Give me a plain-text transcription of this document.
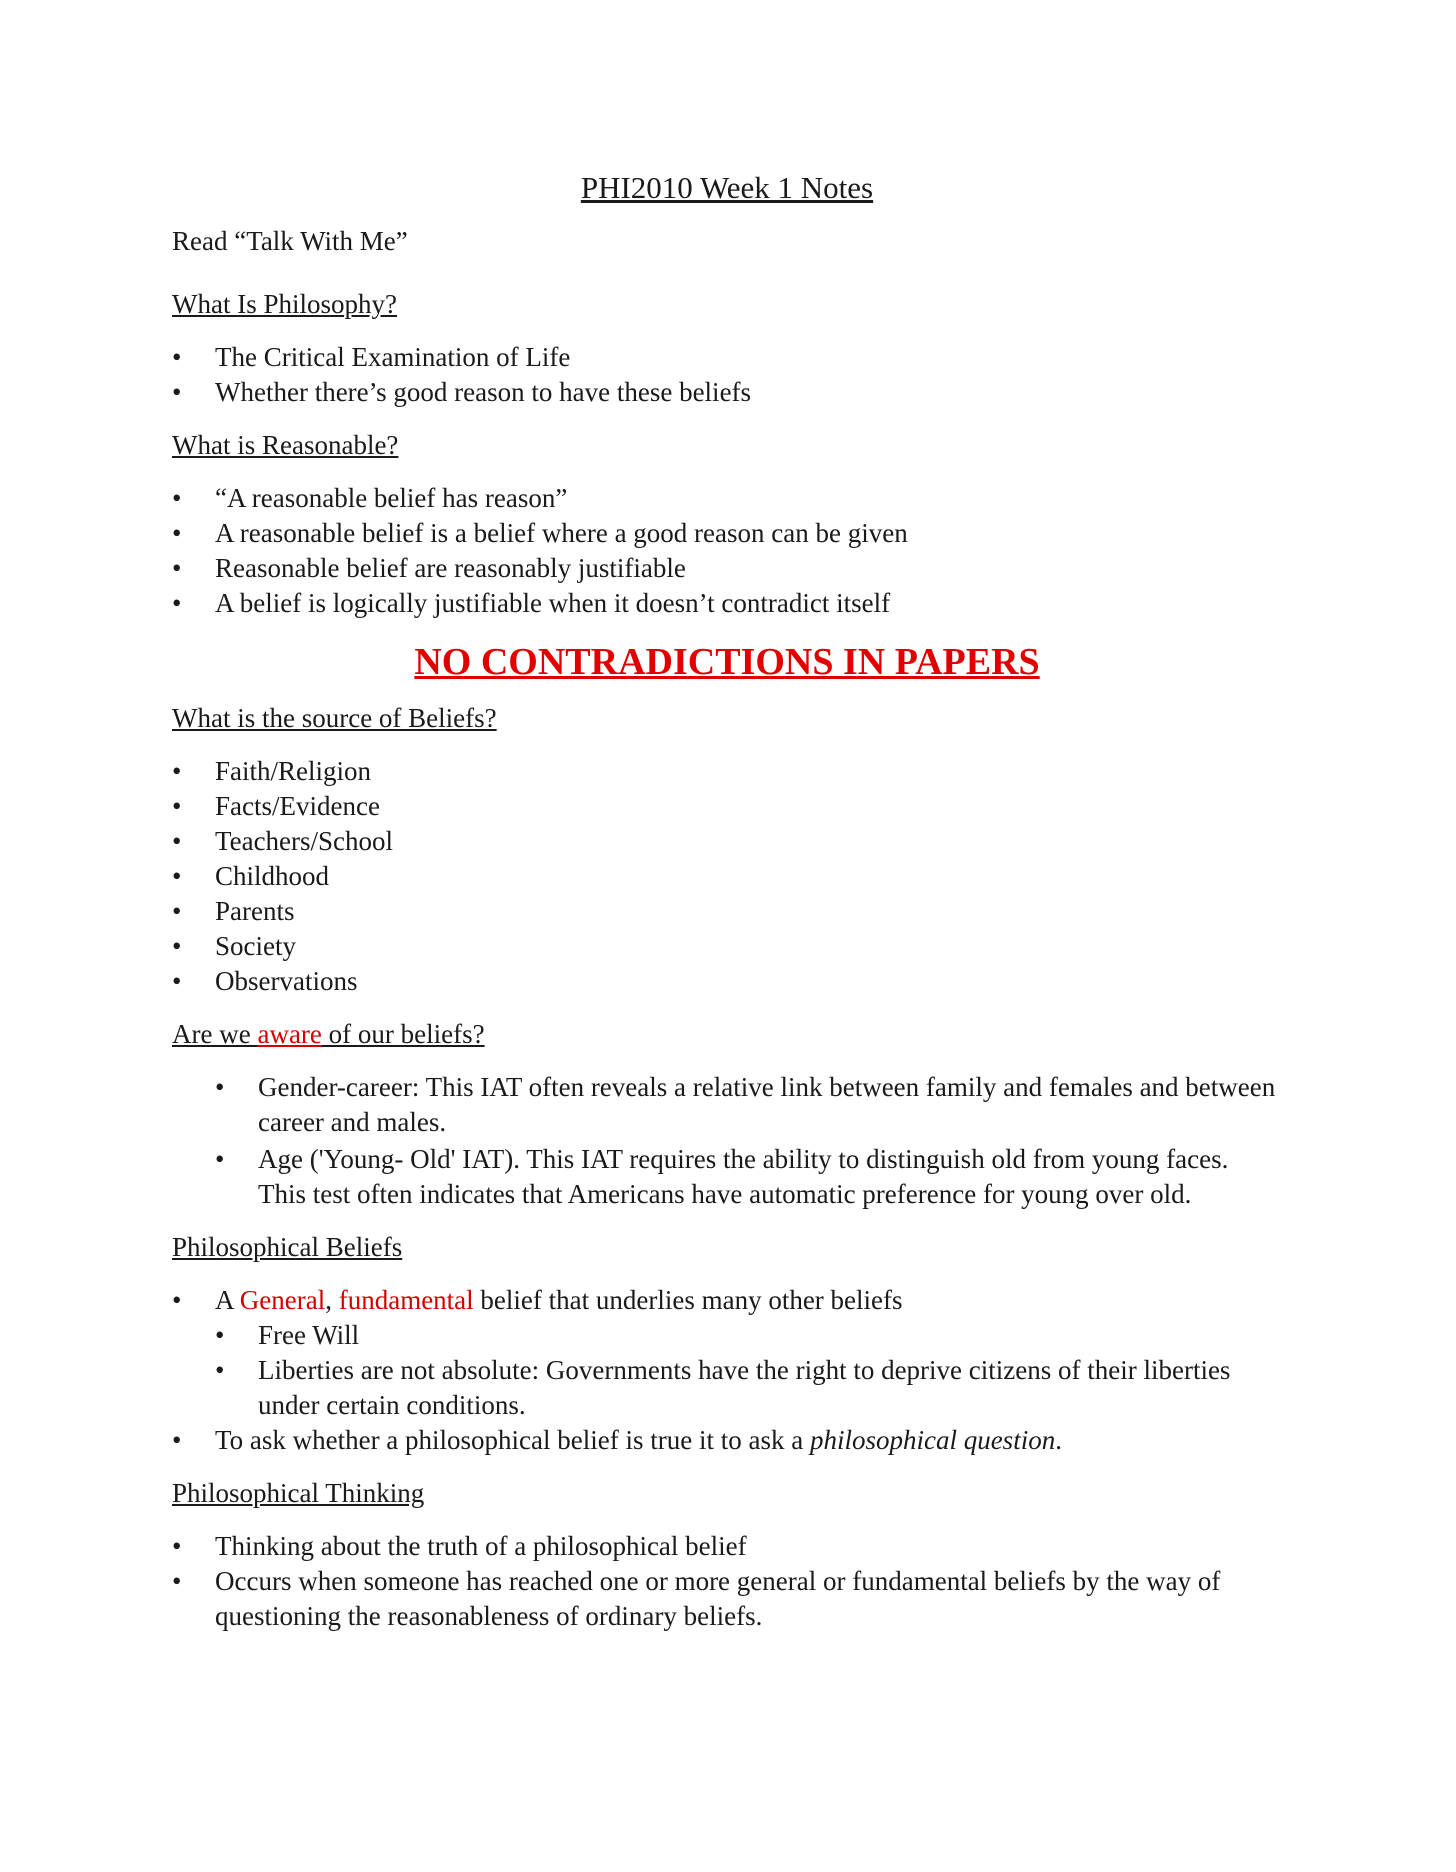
PHI2010 Week 1 Notes
Read “Talk With Me”
What Is Philosophy?
• The Critical Examination of Life
• Whether there’s good reason to have these beliefs
What is Reasonable?
• “A reasonable belief has reason”
• A reasonable belief is a belief where a good reason can be given
• Reasonable belief are reasonably justifiable
• A belief is logically justifiable when it doesn’t contradict itself
NO CONTRADICTIONS IN PAPERS
What is the source of Beliefs?
• Faith/Religion
• Facts/Evidence
• Teachers/School
• Childhood
• Parents
• Society
• Observations
Are we aware of our beliefs?
• Gender-career: This IAT often reveals a relative link between family and females and between career and males.
• Age ('Young- Old' IAT). This IAT requires the ability to distinguish old from young faces. This test often indicates that Americans have automatic preference for young over old.
Philosophical Beliefs
• A General, fundamental belief that underlies many other beliefs
• Free Will
• Liberties are not absolute: Governments have the right to deprive citizens of their liberties under certain conditions.
• To ask whether a philosophical belief is true it to ask a philosophical question.
Philosophical Thinking
• Thinking about the truth of a philosophical belief
• Occurs when someone has reached one or more general or fundamental beliefs by the way of questioning the reasonableness of ordinary beliefs.
